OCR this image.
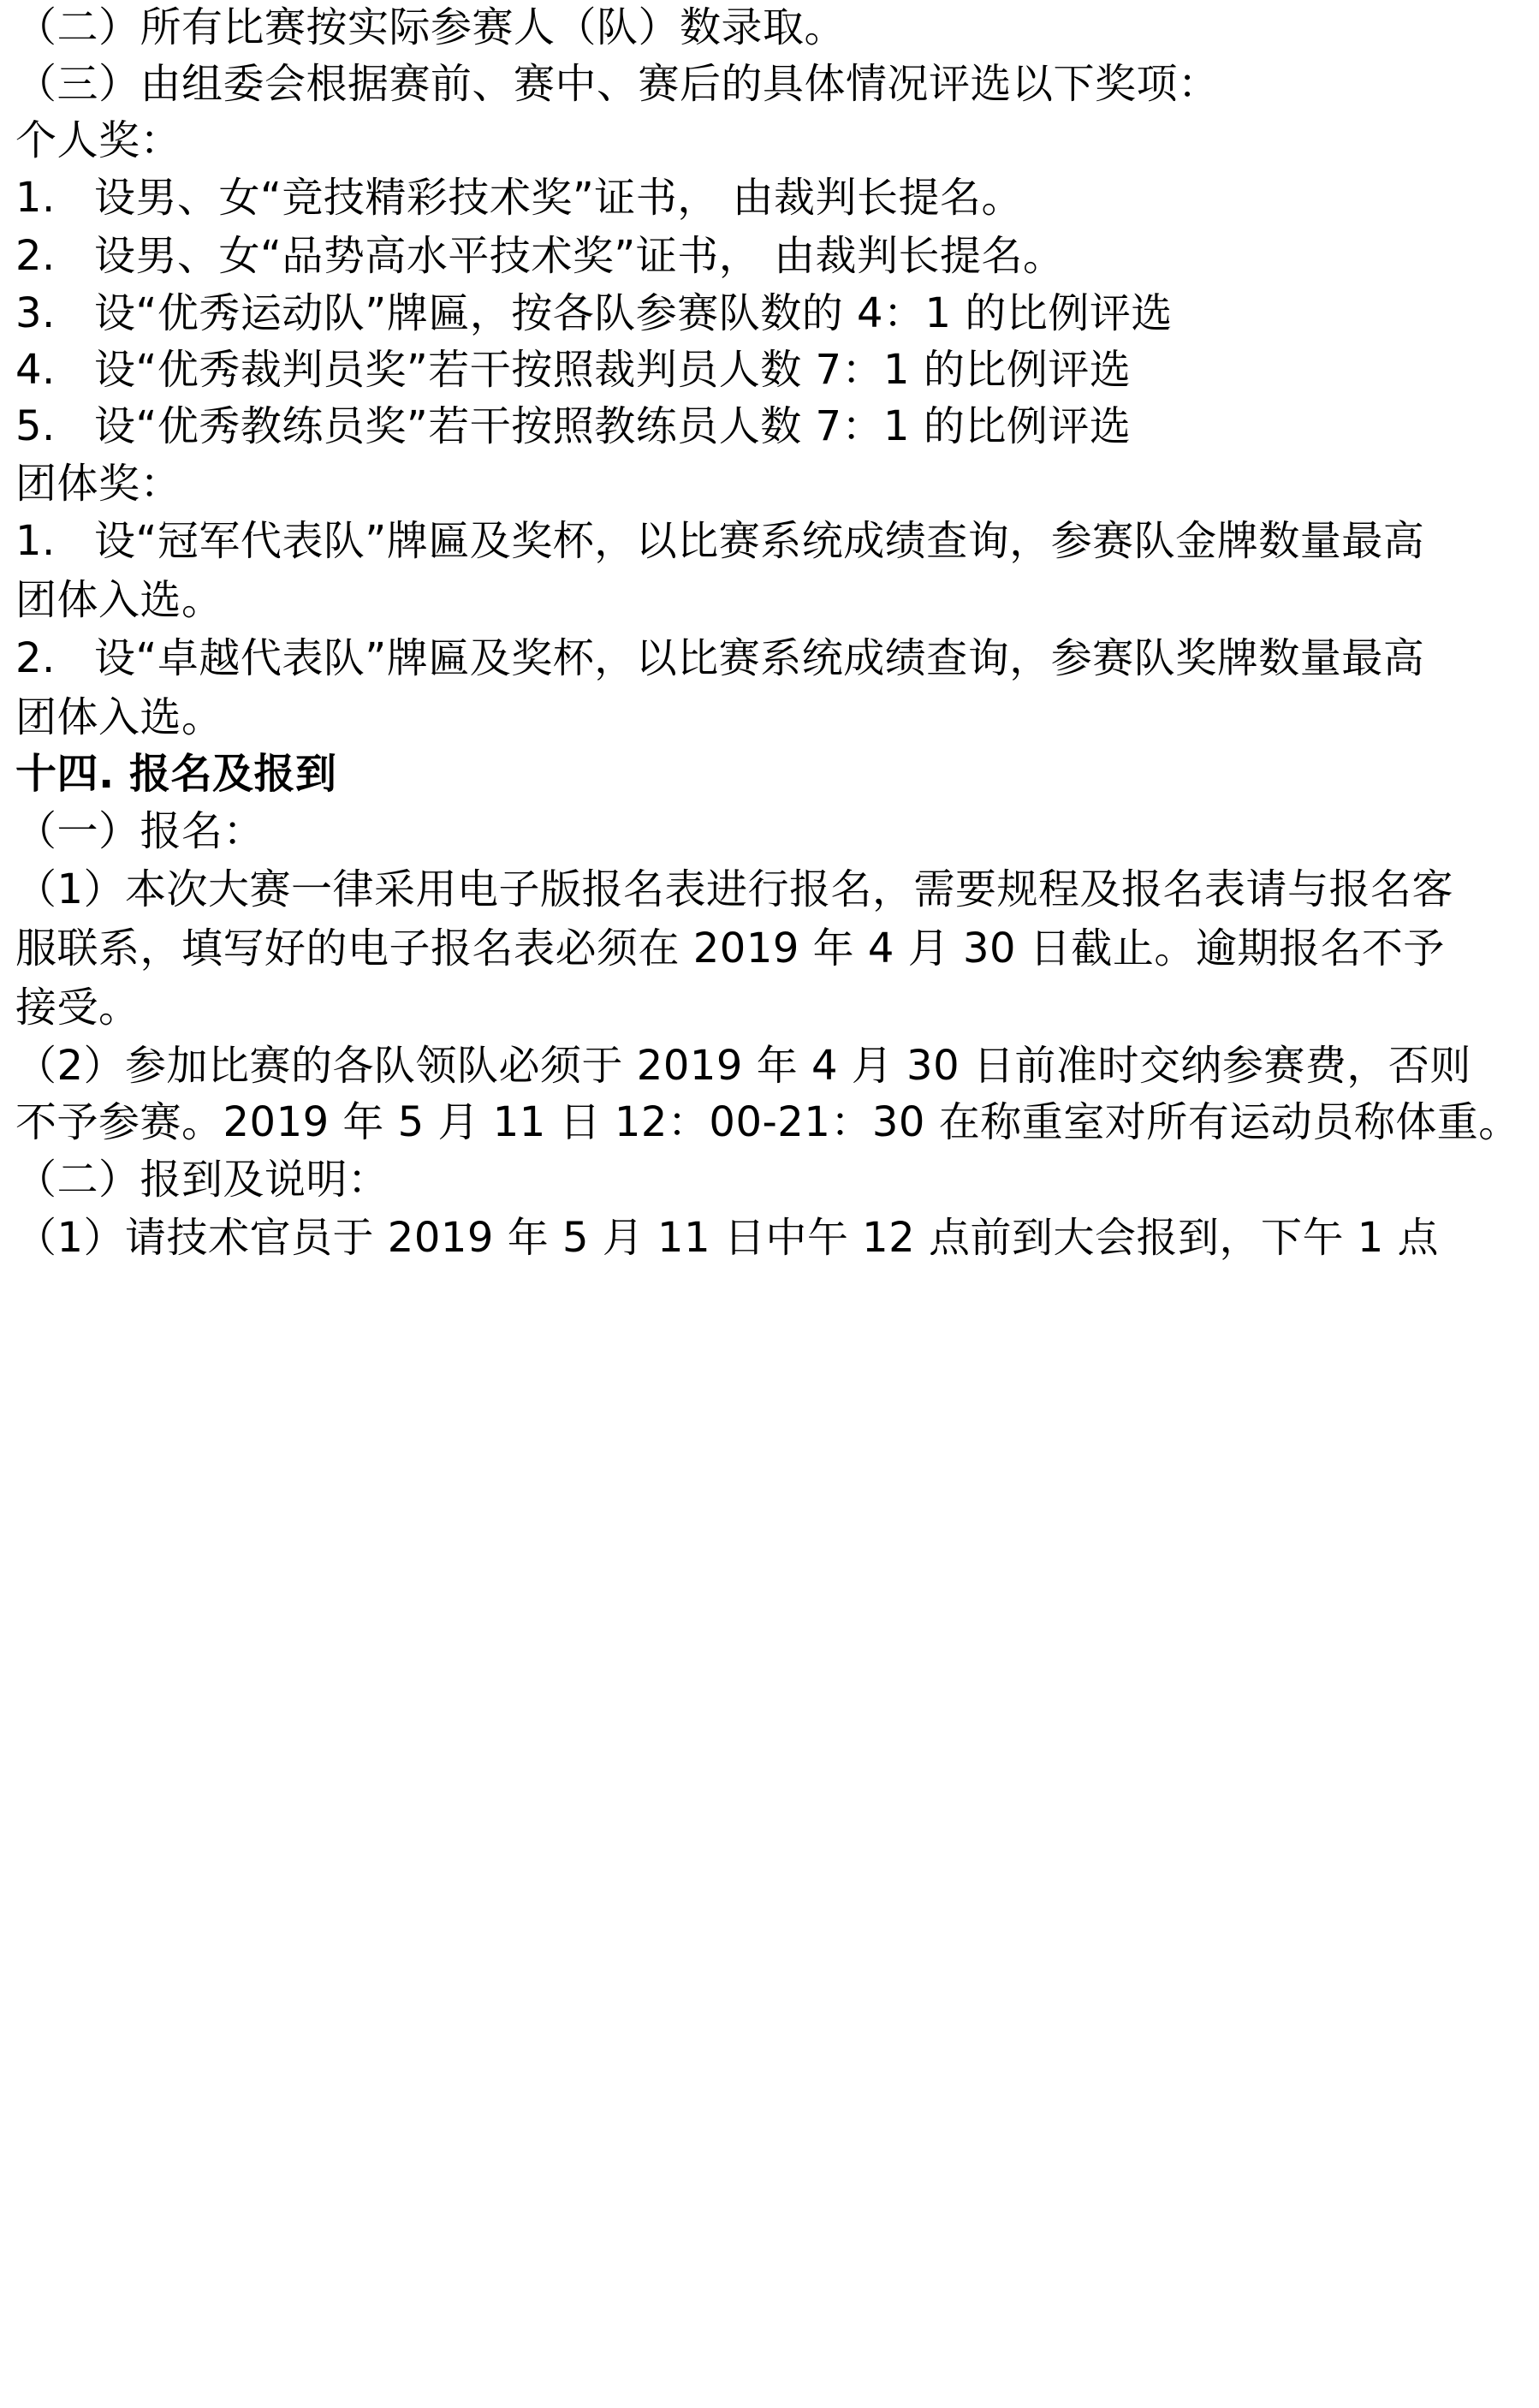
（二）所有比赛按实际参赛人（队）数录取。
（三）由组委会根据赛前、赛中、赛后的具体情况评选以下奖项：
个人奖：
1. 设男、女“竞技精彩技术奖”证书， 由裁判长提名。
2. 设男、女“品势高水平技术奖”证书， 由裁判长提名。
3. 设“优秀运动队”牌匾，按各队参赛队数的 4：1 的比例评选
4. 设“优秀裁判员奖”若干按照裁判员人数 7：1 的比例评选
5. 设“优秀教练员奖”若干按照教练员人数 7：1 的比例评选
团体奖：
1. 设“冠军代表队”牌匾及奖杯，以比赛系统成绩查询，参赛队金牌数量最高
团体入选。
2. 设“卓越代表队”牌匾及奖杯，以比赛系统成绩查询，参赛队奖牌数量最高
团体入选。
十四. 报名及报到
（一）报名：
（1）本次大赛一律采用电子版报名表进行报名，需要规程及报名表请与报名客
服联系，填写好的电子报名表必须在 2019 年 4 月 30 日截止。逾期报名不予
接受。
（2）参加比赛的各队领队必须于 2019 年 4 月 30 日前准时交纳参赛费，否则
不予参赛。2019 年 5 月 11 日 12：00-21：30 在称重室对所有运动员称体重。
（二）报到及说明：
（1）请技术官员于 2019 年 5 月 11 日中午 12 点前到大会报到，下午 1 点
